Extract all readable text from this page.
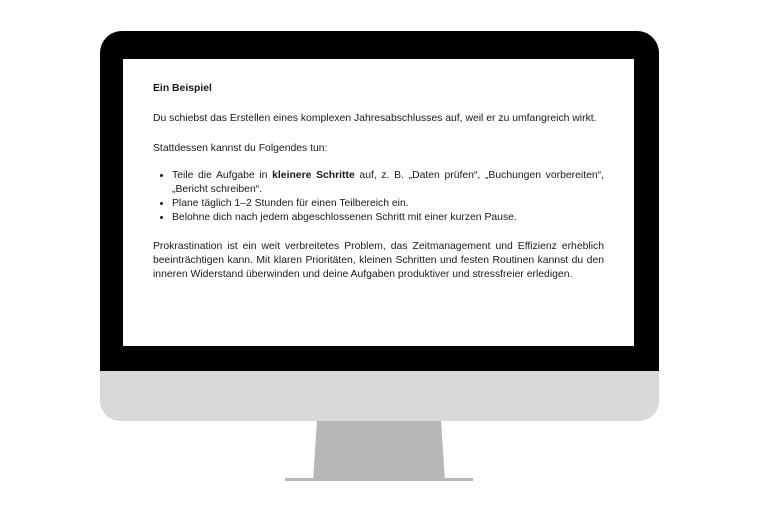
Ein Beispiel

Du schiebst das Erstellen eines komplexen Jahresabschlusses auf, weil er zu umfangreich wirkt.

Stattdessen kannst du Folgendes tun:

• Teile die Aufgabe in kleinere Schritte auf, z. B. „Daten prüfen“, „Buchungen vorbereiten“, „Bericht schreiben“.
• Plane täglich 1–2 Stunden für einen Teilbereich ein.
• Belohne dich nach jedem abgeschlossenen Schritt mit einer kurzen Pause.

Prokrastination ist ein weit verbreitetes Problem, das Zeitmanagement und Effizienz erheblich beeinträchtigen kann. Mit klaren Prioritäten, kleinen Schritten und festen Routinen kannst du den inneren Widerstand überwinden und deine Aufgaben produktiver und stressfreier erledigen.
